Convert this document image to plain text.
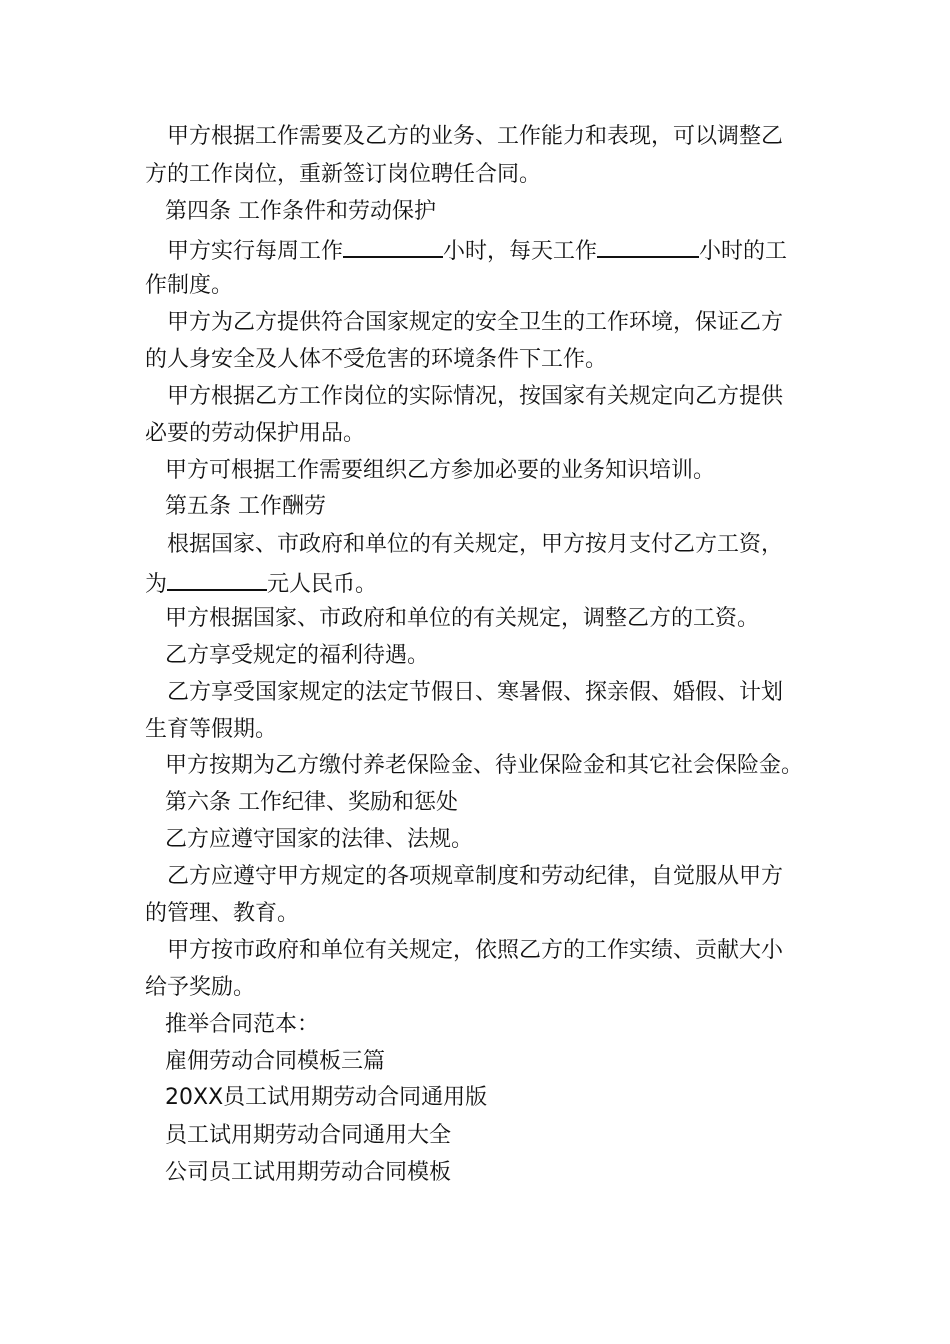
甲方根据工作需要及乙方的业务、工作能力和表现，可以调整乙
方的工作岗位，重新签订岗位聘任合同。
第四条 工作条件和劳动保护
甲方实行每周工作	小时，每天工作	小时的工
作制度。
甲方为乙方提供符合国家规定的安全卫生的工作环境，保证乙方
的人身安全及人体不受危害的环境条件下工作。
甲方根据乙方工作岗位的实际情况，按国家有关规定向乙方提供
必要的劳动保护用品。
甲方可根据工作需要组织乙方参加必要的业务知识培训。
第五条 工作酬劳
根据国家、市政府和单位的有关规定，甲方按月支付乙方工资，
为	元人民币。
甲方根据国家、市政府和单位的有关规定，调整乙方的工资。
乙方享受规定的福利待遇。
乙方享受国家规定的法定节假日、寒暑假、探亲假、婚假、计划
生育等假期。
甲方按期为乙方缴付养老保险金、待业保险金和其它社会保险金。
第六条 工作纪律、奖励和惩处
乙方应遵守国家的法律、法规。
乙方应遵守甲方规定的各项规章制度和劳动纪律，自觉服从甲方
的管理、教育。
甲方按市政府和单位有关规定，依照乙方的工作实绩、贡献大小
给予奖励。
推举合同范本：
雇佣劳动合同模板三篇
20XX员工试用期劳动合同通用版
员工试用期劳动合同通用大全
公司员工试用期劳动合同模板
